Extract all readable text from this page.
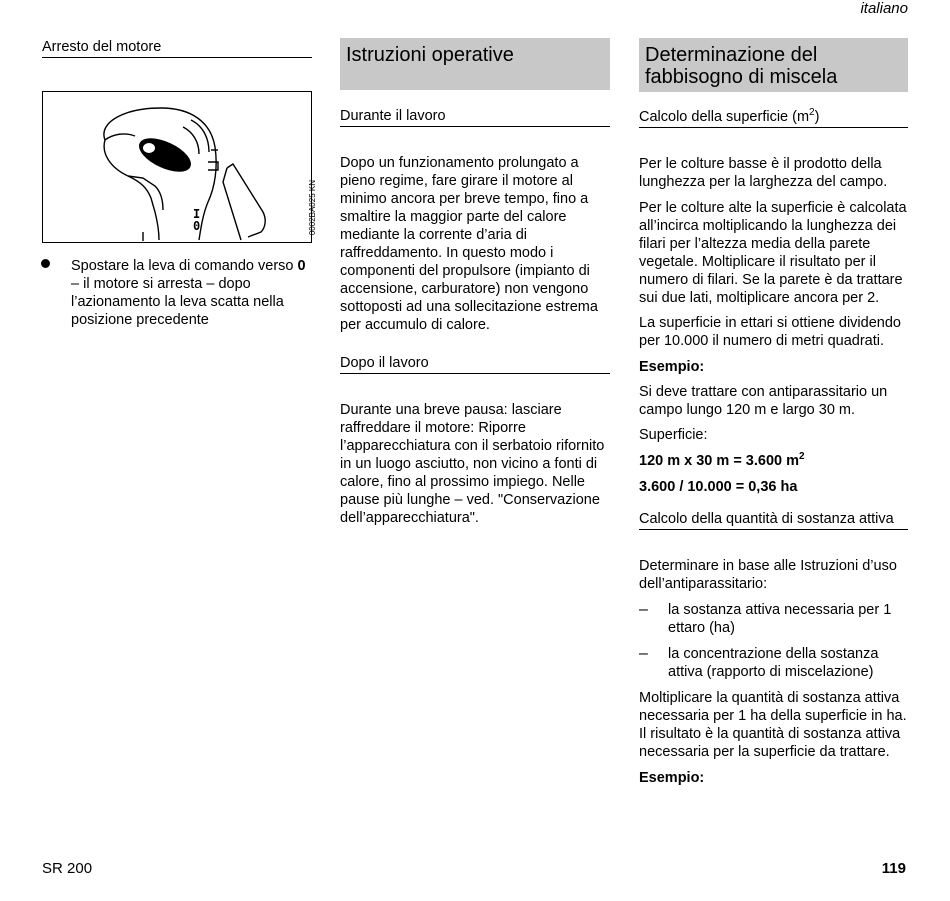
italiano
Arresto del motore
I
0	0002BA025 KN

Spostare la leva di comando verso 0 – il motore si arresta – dopo l’azionamento la leva scatta nella posizione precedente

Istruzioni operative
Durante il lavoro

Dopo un funzionamento prolungato a pieno regime, fare girare il motore al minimo ancora per breve tempo, fino a smaltire la maggior parte del calore mediante la corrente d’aria di raffreddamento. In questo modo i componenti del propulsore (impianto di accensione, carburatore) non vengono sottoposti ad una sollecitazione estrema per accumulo di calore.

Dopo il lavoro

Durante una breve pausa: lasciare raffreddare il motore: Riporre l’apparecchiatura con il serbatoio rifornito in un luogo asciutto, non vicino a fonti di calore, fino al prossimo impiego. Nelle pause più lunghe – ved. "Conservazione dell’apparecchiatura".

Determinazione del fabbisogno di miscela
Calcolo della superficie $(m^2)$

Per le colture basse è il prodotto della lunghezza per la larghezza del campo.

Per le colture alte la superficie è calcolata all’incirca moltiplicando la lunghezza dei filari per l’altezza media della parete vegetale. Moltiplicare il risultato per il numero di filari. Se la parete è da trattare sui due lati, moltiplicare ancora per 2.

La superficie in ettari si ottiene dividendo per 10.000 il numero di metri quadrati.

Esempio:

Si deve trattare con antiparassitario un campo lungo 120 m e largo 30 m.

Superficie:

120 m x 30 m = 3.600 $m^2$

3.600 / 10.000 = 0,36 ha

Calcolo della quantità di sostanza attiva

Determinare in base alle Istruzioni d’uso dell’antiparassitario:

– la sostanza attiva necessaria per 1 ettaro (ha)

– la concentrazione della sostanza attiva (rapporto di miscelazione)

Moltiplicare la quantità di sostanza attiva necessaria per 1 ha della superficie in ha. Il risultato è la quantità di sostanza attiva necessaria per la superficie da trattare.

Esempio:

SR 200	119
